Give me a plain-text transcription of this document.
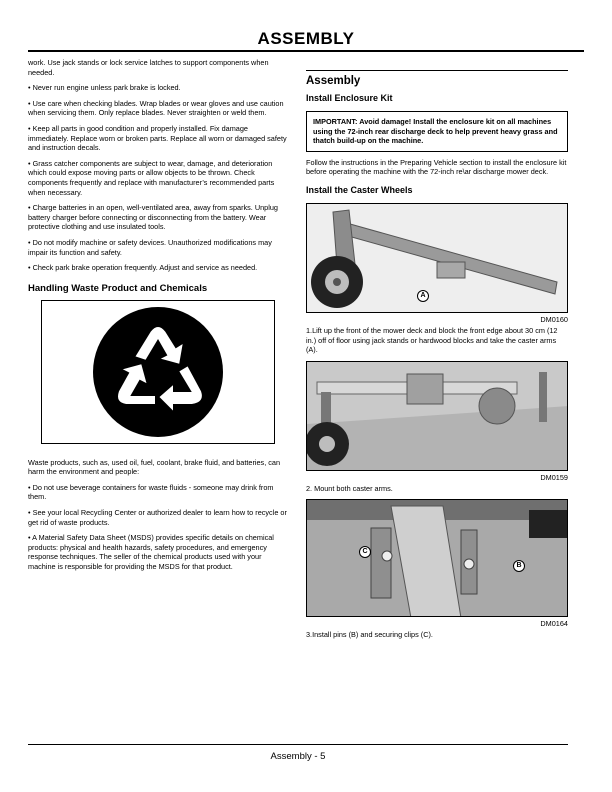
ASSEMBLY

work. Use jack stands or lock service latches to support components when needed.

• Never run engine unless park brake is locked.

• Use care when checking blades. Wrap blades or wear gloves and use caution when servicing them. Only replace blades. Never straighten or weld them.

• Keep all parts in good condition and properly installed. Fix damage immediately. Replace worn or broken parts. Replace all worn or damaged safety and instruction decals.

• Grass catcher components are subject to wear, damage, and deterioration which could expose moving parts or allow objects to be thrown. Check components frequently and replace with manufacturer’s recommended parts when necessary.

• Charge batteries in an open, well-ventilated area, away from sparks. Unplug battery charger before connecting or disconnecting from the battery. Wear protective clothing and use insulated tools.

• Do not modify machine or safety devices. Unauthorized modifications may impair its function and safety.

• Check park brake operation frequently. Adjust and service as needed.

Handling Waste Product and Chemicals

Waste products, such as, used oil, fuel, coolant, brake fluid, and batteries, can harm the environment and people:

• Do not use beverage containers for waste fluids - someone may drink from them.

• See your local Recycling Center or authorized dealer to learn how to recycle or get rid of waste products.

• A Material Safety Data Sheet (MSDS) provides specific details on chemical products: physical and health hazards, safety procedures, and emergency response techniques. The seller of the chemical products used with your machine is responsible for providing the MSDS for that product.

Assembly
Install Enclosure Kit
IMPORTANT: Avoid damage! Install the enclosure kit on all machines using the 72-inch rear discharge deck to help prevent heavy grass and thatch build-up on the machine.

Follow the instructions in the Preparing Vehicle section to install the enclosure kit before operating the machine with the 72-inch re\ar discharge mower deck.

Install the Caster Wheels
A
DM0160

1.Lift up the front of the mower deck and block the front edge about 30 cm (12 in.) off of floor using jack stands or hardwood blocks and take the caster arms (A).

DM0159

2. Mount both caster arms.

C
B
DM0164

3.Install pins (B) and securing clips (C).

Assembly - 5
